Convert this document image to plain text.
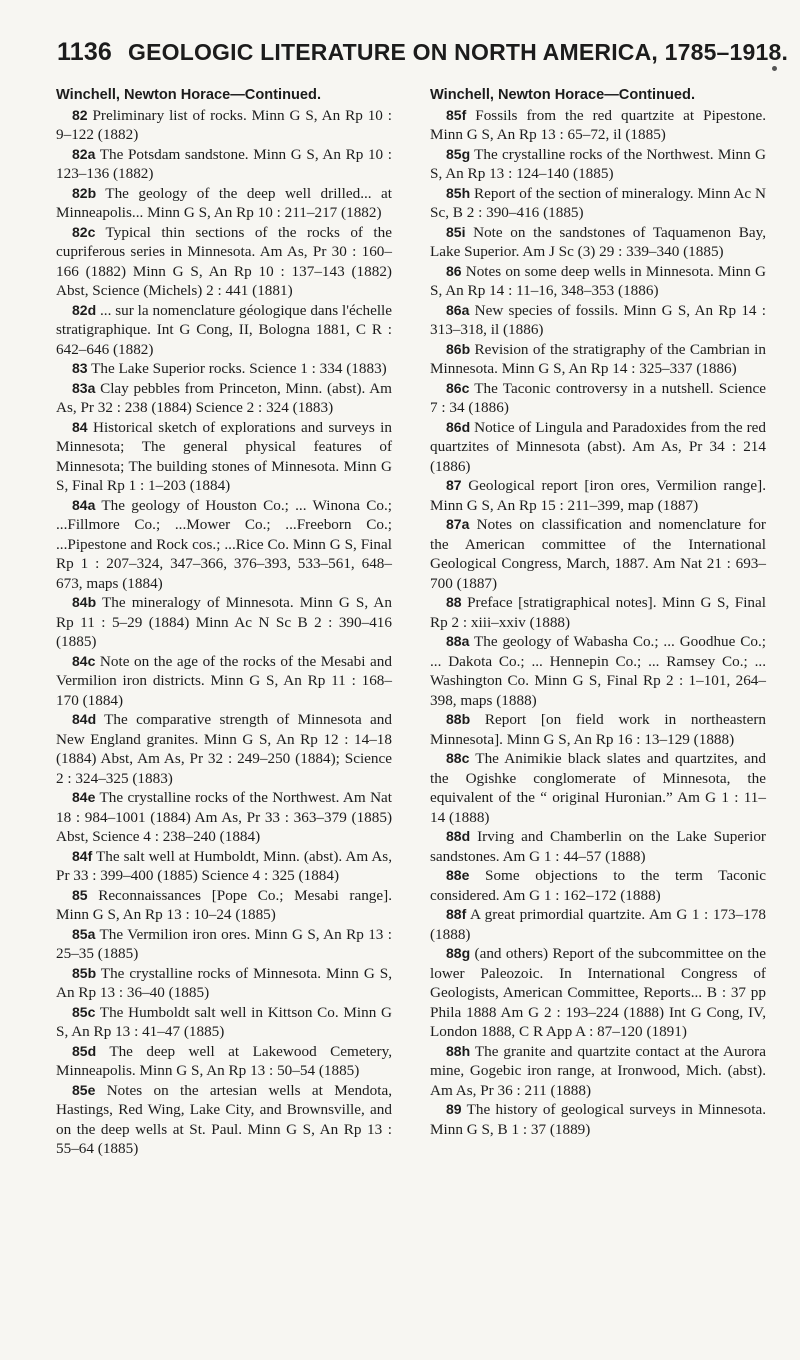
1136 GEOLOGIC LITERATURE ON NORTH AMERICA, 1785–1918.

Winchell, Newton Horace—Continued.

82 Preliminary list of rocks. Minn G S, An Rp 10 : 9–122 (1882)

82a The Potsdam sandstone. Minn G S, An Rp 10 : 123–136 (1882)

82b The geology of the deep well drilled... at Minneapolis... Minn G S, An Rp 10 : 211–217 (1882)

82c Typical thin sections of the rocks of the cupriferous series in Minnesota. Am As, Pr 30 : 160–166 (1882) Minn G S, An Rp 10 : 137–143 (1882) Abst, Science (Michels) 2 : 441 (1881)

82d ... sur la nomenclature géologique dans l'échelle stratigraphique. Int G Cong, II, Bologna 1881, C R : 642–646 (1882)

83 The Lake Superior rocks. Science 1 : 334 (1883)

83a Clay pebbles from Princeton, Minn. (abst). Am As, Pr 32 : 238 (1884) Science 2 : 324 (1883)

84 Historical sketch of explorations and surveys in Minnesota; The general physical features of Minnesota; The building stones of Minnesota. Minn G S, Final Rp 1 : 1–203 (1884)

84a The geology of Houston Co.; ... Winona Co.; ...Fillmore Co.; ...Mower Co.; ...Freeborn Co.; ...Pipestone and Rock cos.; ...Rice Co. Minn G S, Final Rp 1 : 207–324, 347–366, 376–393, 533–561, 648–673, maps (1884)

84b The mineralogy of Minnesota. Minn G S, An Rp 11 : 5–29 (1884) Minn Ac N Sc B 2 : 390–416 (1885)

84c Note on the age of the rocks of the Mesabi and Vermilion iron districts. Minn G S, An Rp 11 : 168–170 (1884)

84d The comparative strength of Minnesota and New England granites. Minn G S, An Rp 12 : 14–18 (1884) Abst, Am As, Pr 32 : 249–250 (1884); Science 2 : 324–325 (1883)

84e The crystalline rocks of the Northwest. Am Nat 18 : 984–1001 (1884) Am As, Pr 33 : 363–379 (1885) Abst, Science 4 : 238–240 (1884)

84f The salt well at Humboldt, Minn. (abst). Am As, Pr 33 : 399–400 (1885) Science 4 : 325 (1884)

85 Reconnaissances [Pope Co.; Mesabi range]. Minn G S, An Rp 13 : 10–24 (1885)

85a The Vermilion iron ores. Minn G S, An Rp 13 : 25–35 (1885)

85b The crystalline rocks of Minnesota. Minn G S, An Rp 13 : 36–40 (1885)

85c The Humboldt salt well in Kittson Co. Minn G S, An Rp 13 : 41–47 (1885)

85d The deep well at Lakewood Cemetery, Minneapolis. Minn G S, An Rp 13 : 50–54 (1885)

85e Notes on the artesian wells at Mendota, Hastings, Red Wing, Lake City, and Brownsville, and on the deep wells at St. Paul. Minn G S, An Rp 13 : 55–64 (1885)

Winchell, Newton Horace—Continued.

85f Fossils from the red quartzite at Pipestone. Minn G S, An Rp 13 : 65–72, il (1885)

85g The crystalline rocks of the Northwest. Minn G S, An Rp 13 : 124–140 (1885)

85h Report of the section of mineralogy. Minn Ac N Sc, B 2 : 390–416 (1885)

85i Note on the sandstones of Taquamenon Bay, Lake Superior. Am J Sc (3) 29 : 339–340 (1885)

86 Notes on some deep wells in Minnesota. Minn G S, An Rp 14 : 11–16, 348–353 (1886)

86a New species of fossils. Minn G S, An Rp 14 : 313–318, il (1886)

86b Revision of the stratigraphy of the Cambrian in Minnesota. Minn G S, An Rp 14 : 325–337 (1886)

86c The Taconic controversy in a nutshell. Science 7 : 34 (1886)

86d Notice of Lingula and Paradoxides from the red quartzites of Minnesota (abst). Am As, Pr 34 : 214 (1886)

87 Geological report [iron ores, Vermilion range]. Minn G S, An Rp 15 : 211–399, map (1887)

87a Notes on classification and nomenclature for the American committee of the International Geological Congress, March, 1887. Am Nat 21 : 693–700 (1887)

88 Preface [stratigraphical notes]. Minn G S, Final Rp 2 : xiii–xxiv (1888)

88a The geology of Wabasha Co.; ... Goodhue Co.; ... Dakota Co.; ... Hennepin Co.; ... Ramsey Co.; ... Washington Co. Minn G S, Final Rp 2 : 1–101, 264–398, maps (1888)

88b Report [on field work in northeastern Minnesota]. Minn G S, An Rp 16 : 13–129 (1888)

88c The Animikie black slates and quartzites, and the Ogishke conglomerate of Minnesota, the equivalent of the “ original Huronian.” Am G 1 : 11–14 (1888)

88d Irving and Chamberlin on the Lake Superior sandstones. Am G 1 : 44–57 (1888)

88e Some objections to the term Taconic considered. Am G 1 : 162–172 (1888)

88f A great primordial quartzite. Am G 1 : 173–178 (1888)

88g (and others) Report of the subcommittee on the lower Paleozoic. In International Congress of Geologists, American Committee, Reports... B : 37 pp Phila 1888 Am G 2 : 193–224 (1888) Int G Cong, IV, London 1888, C R App A : 87–120 (1891)

88h The granite and quartzite contact at the Aurora mine, Gogebic iron range, at Ironwood, Mich. (abst). Am As, Pr 36 : 211 (1888)

89 The history of geological surveys in Minnesota. Minn G S, B 1 : 37 (1889)
